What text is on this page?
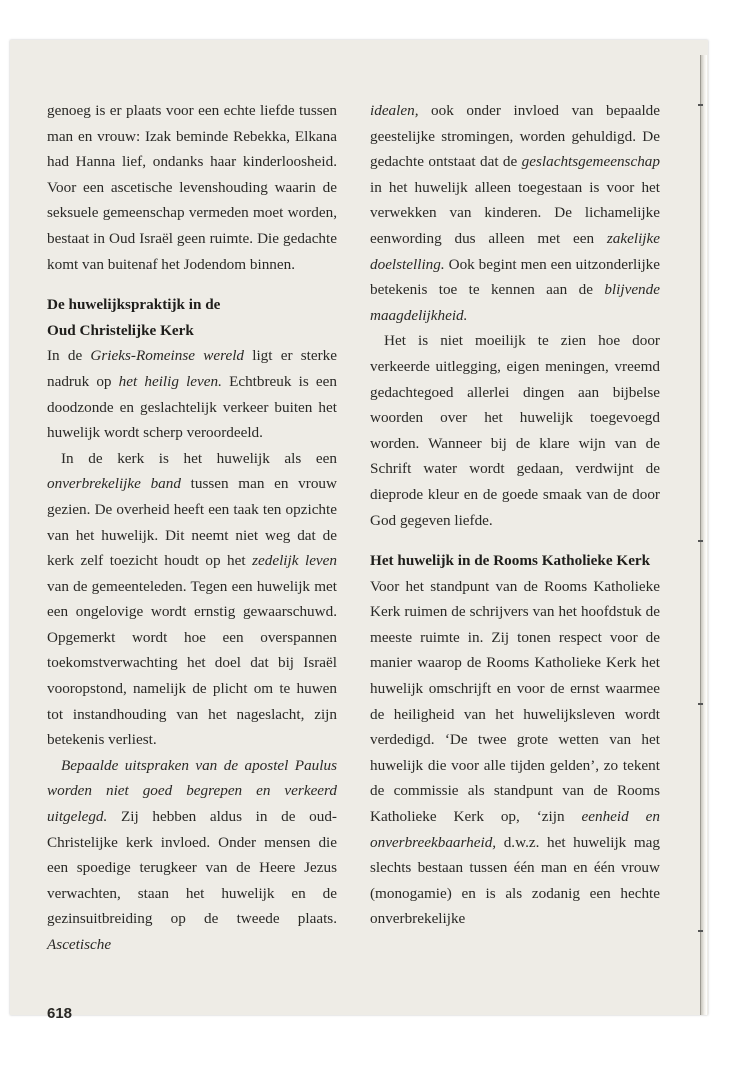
genoeg is er plaats voor een echte liefde tussen man en vrouw: Izak beminde Rebekka, Elkana had Hanna lief, ondanks haar kinderloosheid. Voor een ascetische levenshouding waarin de seksuele gemeenschap vermeden moet worden, bestaat in Oud Israël geen ruimte. Die gedachte komt van buitenaf het Jodendom binnen.

De huwelijkspraktijk in de
Oud Christelijke Kerk

In de Grieks-Romeinse wereld ligt er sterke nadruk op het heilig leven. Echtbreuk is een doodzonde en geslachtelijk verkeer buiten het huwelijk wordt scherp veroordeeld.

In de kerk is het huwelijk als een onverbrekelijke band tussen man en vrouw gezien. De overheid heeft een taak ten opzichte van het huwelijk. Dit neemt niet weg dat de kerk zelf toezicht houdt op het zedelijk leven van de gemeenteleden. Tegen een huwelijk met een ongelovige wordt ernstig gewaarschuwd. Opgemerkt wordt hoe een overspannen toekomstverwachting het doel dat bij Israël vooropstond, namelijk de plicht om te huwen tot instandhouding van het nageslacht, zijn betekenis verliest.

Bepaalde uitspraken van de apostel Paulus worden niet goed begrepen en verkeerd uitgelegd. Zij hebben aldus in de oud-Christelijke kerk invloed. Onder mensen die een spoedige terugkeer van de Heere Jezus verwachten, staan het huwelijk en de gezinsuitbreiding op de tweede plaats. Ascetische

idealen, ook onder invloed van bepaalde geestelijke stromingen, worden gehuldigd. De gedachte ontstaat dat de geslachtsgemeenschap in het huwelijk alleen toegestaan is voor het verwekken van kinderen. De lichamelijke eenwording dus alleen met een zakelijke doelstelling. Ook begint men een uitzonderlijke betekenis toe te kennen aan de blijvende maagdelijkheid.

Het is niet moeilijk te zien hoe door verkeerde uitlegging, eigen meningen, vreemd gedachtegoed allerlei dingen aan bijbelse woorden over het huwelijk toegevoegd worden. Wanneer bij de klare wijn van de Schrift water wordt gedaan, verdwijnt de dieprode kleur en de goede smaak van de door God gegeven liefde.

Het huwelijk in de Rooms Katholieke Kerk

Voor het standpunt van de Rooms Katholieke Kerk ruimen de schrijvers van het hoofdstuk de meeste ruimte in. Zij tonen respect voor de manier waarop de Rooms Katholieke Kerk het huwelijk omschrijft en voor de ernst waarmee de heiligheid van het huwelijksleven wordt verdedigd. ‘De twee grote wetten van het huwelijk die voor alle tijden gelden’, zo tekent de commissie als standpunt van de Rooms Katholieke Kerk op, ‘zijn eenheid en onverbreekbaarheid, d.w.z. het huwelijk mag slechts bestaan tussen één man en één vrouw (monogamie) en is als zodanig een hechte onverbrekelijke

618
